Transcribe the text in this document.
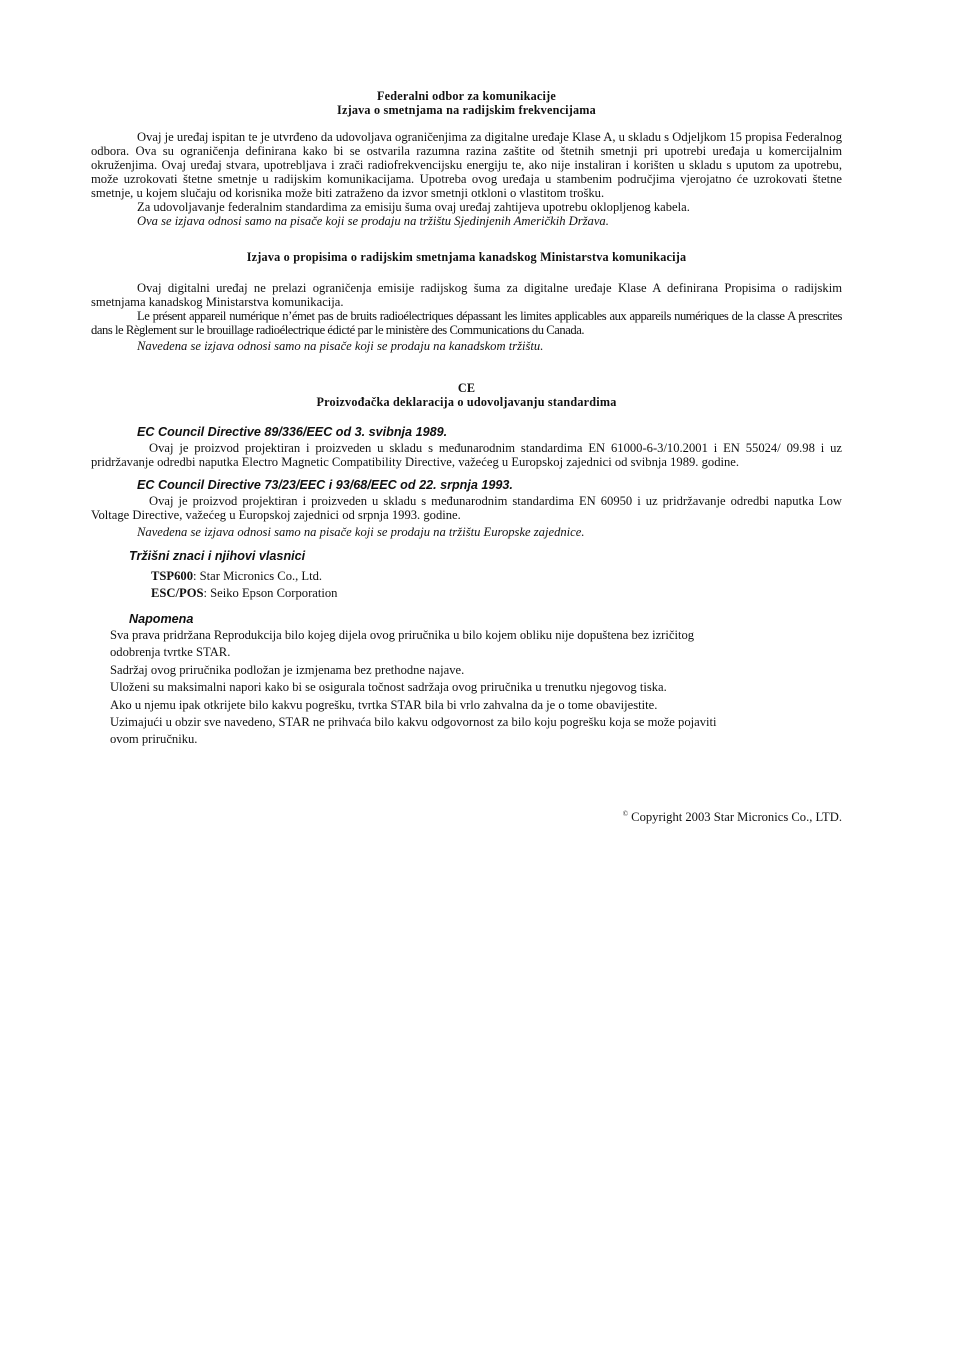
Federalni odbor za komunikacije

Izjava o smetnjama na radijskim frekvencijama

Ovaj je uređaj ispitan te je utvrđeno da udovoljava ograničenjima za digitalne uređaje Klase A, u skladu s Odjeljkom 15 propisa Federalnog odbora. Ova su ograničenja definirana kako bi se ostvarila razumna razina zaštite od štetnih smetnji pri upotrebi uređaja u komercijalnim okruženjima. Ovaj uređaj stvara, upotrebljava i zrači radiofrekvencijsku energiju te, ako nije instaliran i korišten u skladu s uputom za upotrebu, može uzrokovati štetne smetnje u radijskim komunikacijama. Upotreba ovog uređaja u stambenim područjima vjerojatno će uzrokovati štetne smetnje, u kojem slučaju od korisnika može biti zatraženo da izvor smetnji otkloni o vlastitom trošku.

Za udovoljavanje federalnim standardima za emisiju šuma ovaj uređaj zahtijeva upotrebu oklopljenog kabela.

Ova se izjava odnosi samo na pisače koji se prodaju na tržištu Sjedinjenih Američkih Država.

Izjava o propisima o radijskim smetnjama kanadskog Ministarstva komunikacija

Ovaj digitalni uređaj ne prelazi ograničenja emisije radijskog šuma za digitalne uređaje Klase A definirana Propisima o radijskim smetnjama kanadskog Ministarstva komunikacija.

Le présent appareil numérique n’émet pas de bruits radioélectriques dépassant les limites applicables aux appareils numériques de la classe A prescrites dans le Règlement sur le brouillage radioélectrique édicté par le ministère des Communications du Canada.

Navedena se izjava odnosi samo na pisače koji se prodaju na kanadskom tržištu.

CE

Proizvođačka deklaracija o udovoljavanju standardima

EC Council Directive 89/336/EEC od 3. svibnja 1989.

Ovaj je proizvod projektiran i proizveden u skladu s međunarodnim standardima EN 61000-6-3/10.2001 i EN 55024/ 09.98 i uz pridržavanje odredbi naputka Electro Magnetic Compatibility Directive, važećeg u Europskoj zajednici od svibnja 1989. godine.

EC Council Directive 73/23/EEC i 93/68/EEC od 22. srpnja 1993.

Ovaj je proizvod projektiran i proizveden u skladu s međunarodnim standardima EN 60950 i uz pridržavanje odredbi naputka Low Voltage Directive, važećeg u Europskoj zajednici od srpnja 1993. godine.

Navedena se izjava odnosi samo na pisače koji se prodaju na tržištu Europske zajednice.

Tržišni znaci i njihovi vlasnici

TSP600: Star Micronics Co., Ltd.

ESC/POS: Seiko Epson Corporation

Napomena

Sva prava pridržana Reprodukcija bilo kojeg dijela ovog priručnika u bilo kojem obliku nije dopuštena bez izričitog

odobrenja tvrtke STAR.

Sadržaj ovog priručnika podložan je izmjenama bez prethodne najave.

Uloženi su maksimalni napori kako bi se osigurala točnost sadržaja ovog priručnika u trenutku njegovog tiska.

Ako u njemu ipak otkrijete bilo kakvu pogrešku, tvrtka STAR bila bi vrlo zahvalna da je o tome obavijestite.

Uzimajući u obzir sve navedeno, STAR ne prihvaća bilo kakvu odgovornost za bilo koju pogrešku koja se može pojaviti

ovom priručniku.

© Copyright 2003 Star Micronics Co., LTD.
